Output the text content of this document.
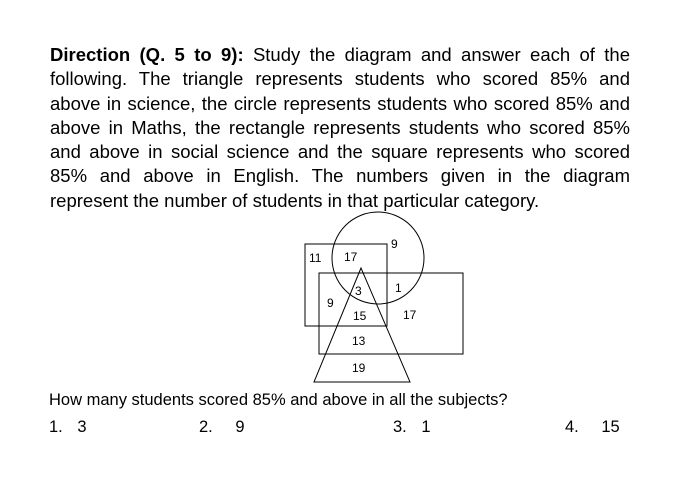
Direction (Q. 5 to 9): Study the diagram and answer each of the following. The triangle represents students who scored 85% and above in science, the circle represents students who scored 85% and above in Maths, the rectangle represents students who scored 85% and above in social science and the square represents who scored 85% and above in English. The numbers given in the diagram represent the number of students in that particular category.

11 17
9
9
3	1
15	17
13
19

How many students scored 85% and above in all the subjects?

1. 3	2. 9	3. 1	4. 15
